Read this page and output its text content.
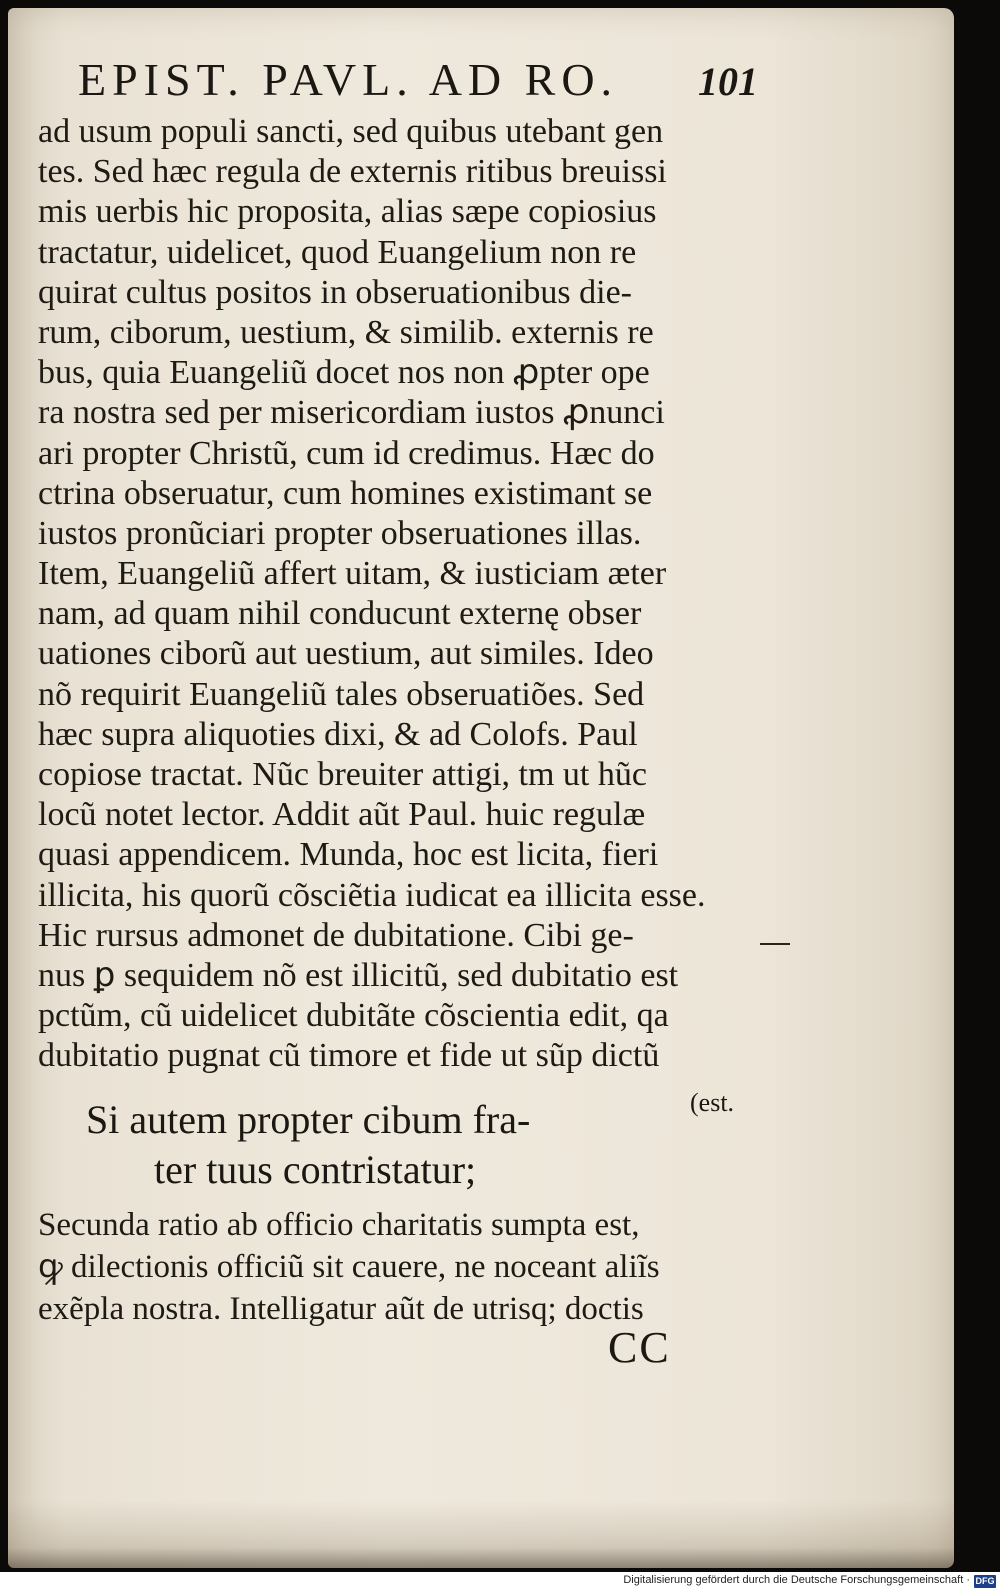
EPIST. PAVL. AD RO. 101
ad usum populi sancti, sed quibus utebant gen
tes. Sed hæc regula de externis ritibus breuissi
mis uerbis hic proposita, alias sæpe copiosius
tractatur, uidelicet, quod Euangelium non re
quirat cultus positos in obseruationibus die-
rum, ciborum, uestium, & similib. externis re
bus, quia Euangeliũ docet nos non ꝓpter ope
ra nostra sed per misericordiam iustos ꝓnunci
ari propter Christũ, cum id credimus. Hæc do
ctrina obseruatur, cum homines existimant se
iustos pronũciari propter obseruationes illas.
Item, Euangeliũ affert uitam, & iusticiam æter
nam, ad quam nihil conducunt externę obser
uationes ciborũ aut uestium, aut similes. Ideo
nõ requirit Euangeliũ tales obseruatiões. Sed
hæc supra aliquoties dixi, & ad Colofs. Paul
copiose tractat. Nũc breuiter attigi, tm ut hũc
locũ notet lector. Addit aũt Paul. huic regulæ
quasi appendicem. Munda, hoc est licita, fieri
illicita, his quorũ cõsciẽtia iudicat ea illicita esse.
Hic rursus admonet de dubitatione. Cibi ge-
nus ꝑ sequidem nõ est illicitũ, sed dubitatio est
pctũm, cũ uidelicet dubitãte cõscientia edit, qa
dubitatio pugnat cũ timore et fide ut sũp dictũ
(est.
Si autem propter cibum fra-
ter tuus contristatur;
Secunda ratio ab officio charitatis sumpta est,
ꝙ dilectionis officiũ sit cauere, ne noceant aliĩs
exẽpla nostra. Intelligatur aũt de utrisq; doctis
CC
Digitalisierung gefördert durch die Deutsche Forschungsgemeinschaft · DFG
